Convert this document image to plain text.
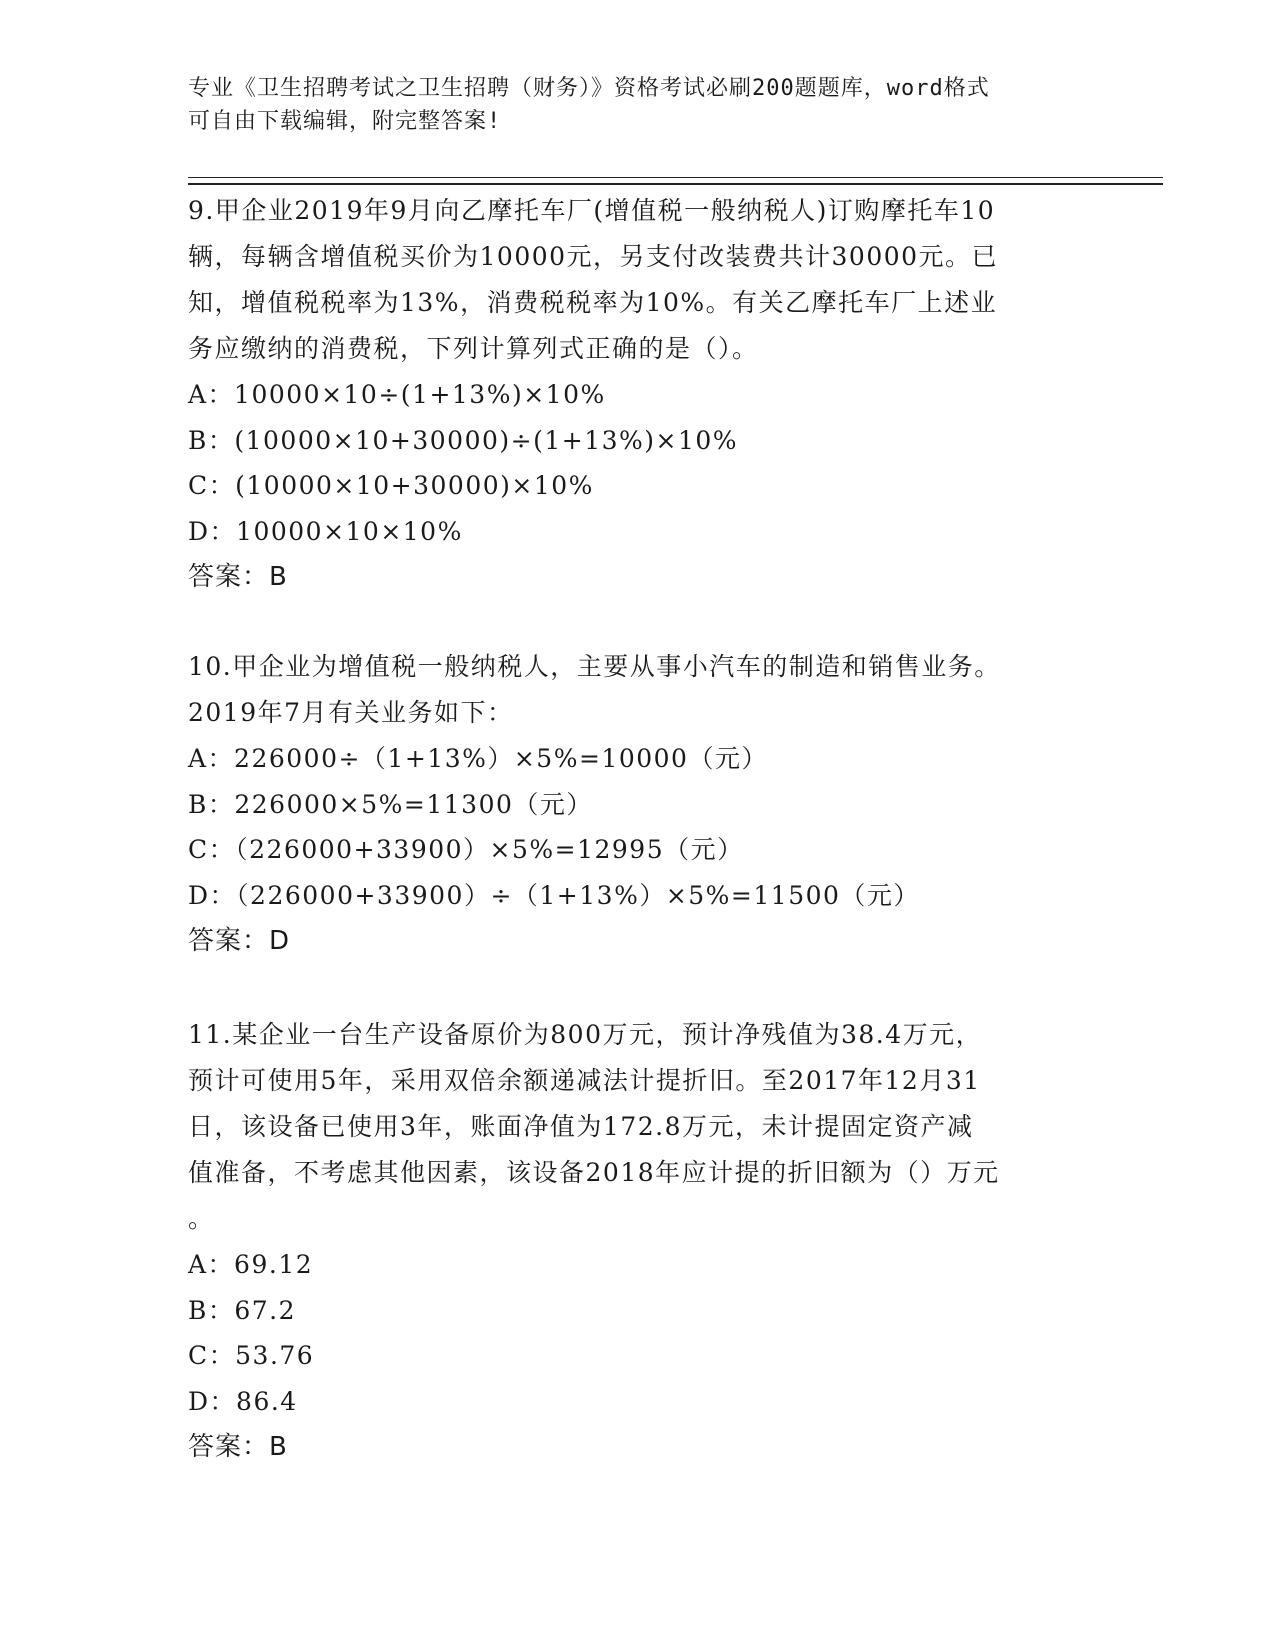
专业《卫生招聘考试之卫生招聘（财务）》资格考试必刷200题题库，word格式
可自由下载编辑，附完整答案!

9.甲企业2019年9月向乙摩托车厂(增值税一般纳税人)订购摩托车10

辆，每辆含增值税买价为10000元，另支付改装费共计30000元。已

知，增值税税率为13%，消费税税率为10%。有关乙摩托车厂上述业

务应缴纳的消费税，下列计算列式正确的是（）。

A：10000×10÷(1+13%)×10%

B：(10000×10+30000)÷(1+13%)×10%

C：(10000×10+30000)×10%

D：10000×10×10%

答案：B

10.甲企业为增值税一般纳税人，主要从事小汽车的制造和销售业务。

2019年7月有关业务如下：

A：226000÷（1+13%）×5%=10000（元）

B：226000×5%=11300（元）

C：（226000+33900）×5%=12995（元）

D：（226000+33900）÷（1+13%）×5%=11500（元）

答案：D

11.某企业一台生产设备原价为800万元，预计净残值为38.4万元，

预计可使用5年，采用双倍余额递减法计提折旧。至2017年12月31

日，该设备已使用3年，账面净值为172.8万元，未计提固定资产减

值准备，不考虑其他因素，该设备2018年应计提的折旧额为（）万元

。

A：69.12

B：67.2

C：53.76

D：86.4

答案：B
